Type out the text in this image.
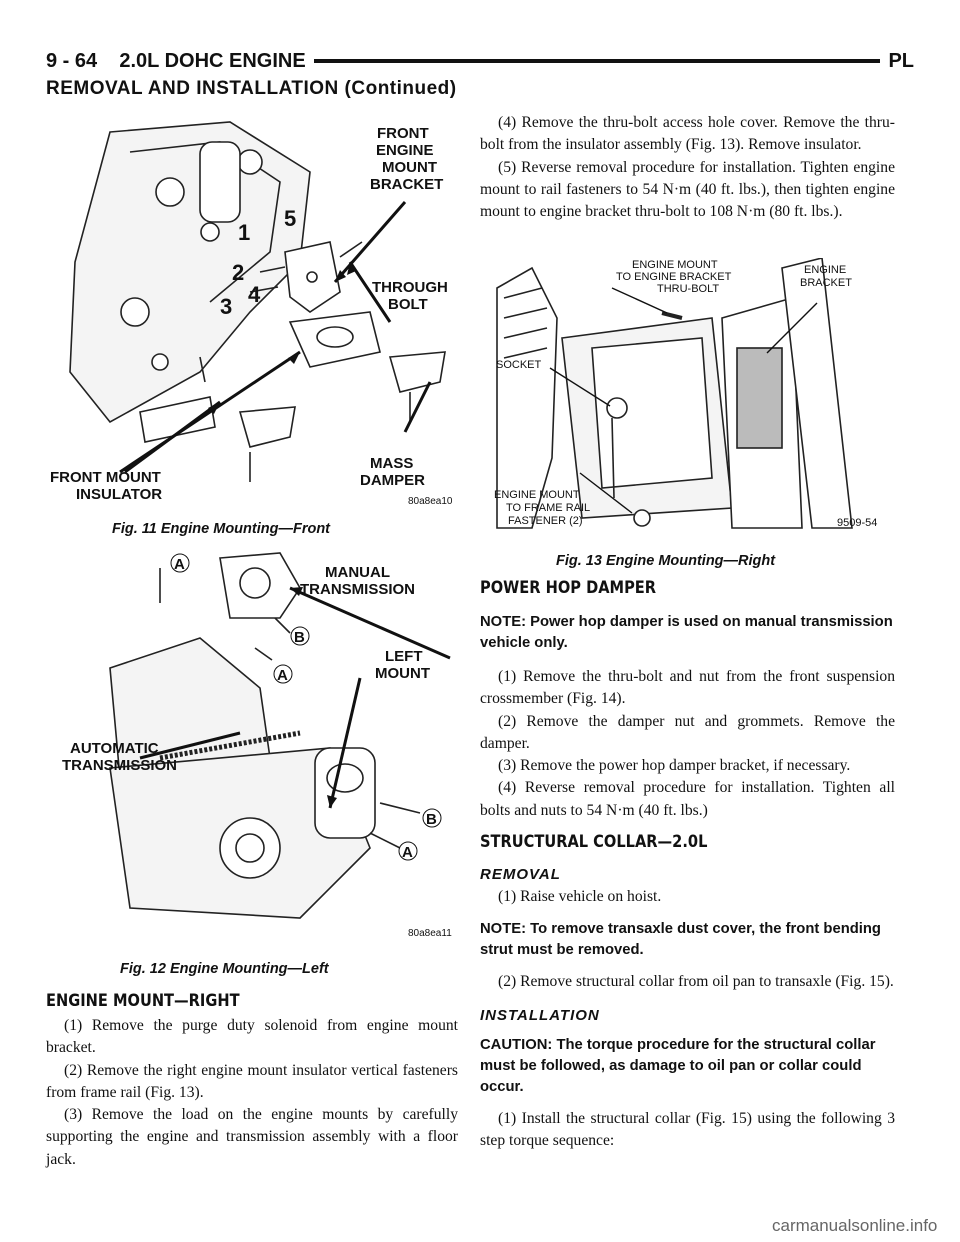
9 - 64    2.0L DOHC ENGINE	PL
REMOVAL AND INSTALLATION (Continued)
FRONT
ENGINE
MOUNT
BRACKET
THROUGH
BOLT
MASS
DAMPER
FRONT MOUNT
INSULATOR
1
2
3 4
5
80a8ea10
Fig. 11 Engine Mounting—Front
A
B
A
B
A
MANUAL
TRANSMISSION
LEFT
MOUNT
AUTOMATIC
TRANSMISSION
80a8ea11
Fig. 12 Engine Mounting—Left
ENGINE MOUNT
TO ENGINE BRACKET
THRU-BOLT
ENGINE
BRACKET
SOCKET
ENGINE MOUNT
TO FRAME RAIL
FASTENER (2)	9509-54
Fig. 13 Engine Mounting—Right
ENGINE MOUNT—RIGHT

(1) Remove the purge duty solenoid from engine mount bracket.

(2) Remove the right engine mount insulator vertical fasteners from frame rail (Fig. 13).

(3) Remove the load on the engine mounts by carefully supporting the engine and transmission assembly with a floor jack.

(4) Remove the thru-bolt access hole cover. Remove the thru-bolt from the insulator assembly (Fig. 13). Remove insulator.

(5) Reverse removal procedure for installation. Tighten engine mount to rail fasteners to 54 N·m (40 ft. lbs.), then tighten engine mount to engine bracket thru-bolt to 108 N·m (80 ft. lbs.).

POWER HOP DAMPER

NOTE: Power hop damper is used on manual transmission vehicle only.

(1) Remove the thru-bolt and nut from the front suspension crossmember (Fig. 14).

(2) Remove the damper nut and grommets. Remove the damper.

(3) Remove the power hop damper bracket, if necessary.

(4) Reverse removal procedure for installation. Tighten all bolts and nuts to 54 N·m (40 ft. lbs.)

STRUCTURAL COLLAR—2.0L
REMOVAL

(1) Raise vehicle on hoist.

NOTE: To remove transaxle dust cover, the front bending strut must be removed.

(2) Remove structural collar from oil pan to transaxle (Fig. 15).

INSTALLATION

CAUTION: The torque procedure for the structural collar must be followed, as damage to oil pan or collar could occur.

(1) Install the structural collar (Fig. 15) using the following 3 step torque sequence:

carmanualsonline.info
